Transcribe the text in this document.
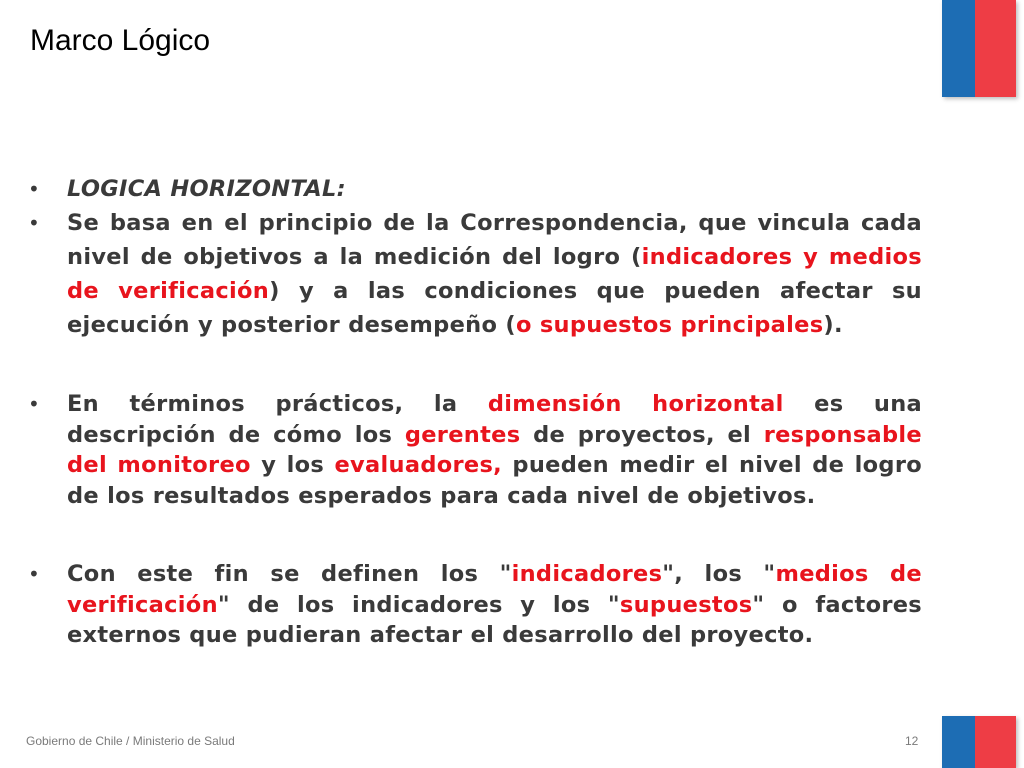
Marco Lógico
• LOGICA HORIZONTAL:
• Se basa en el principio de la Correspondencia, que vincula cada nivel de objetivos a la medición del logro (indicadores y medios de verificación) y a las condiciones que pueden afectar su ejecución y posterior desempeño (o supuestos principales).
• En términos prácticos, la dimensión horizontal es una descripción de cómo los gerentes de proyectos, el responsable del monitoreo y los evaluadores, pueden medir el nivel de logro de los resultados esperados para cada nivel de objetivos.
• Con este fin se definen los "indicadores", los "medios de verificación" de los indicadores y los "supuestos" o factores externos que pudieran afectar el desarrollo del proyecto.
Gobierno de Chile / Ministerio de Salud	12
